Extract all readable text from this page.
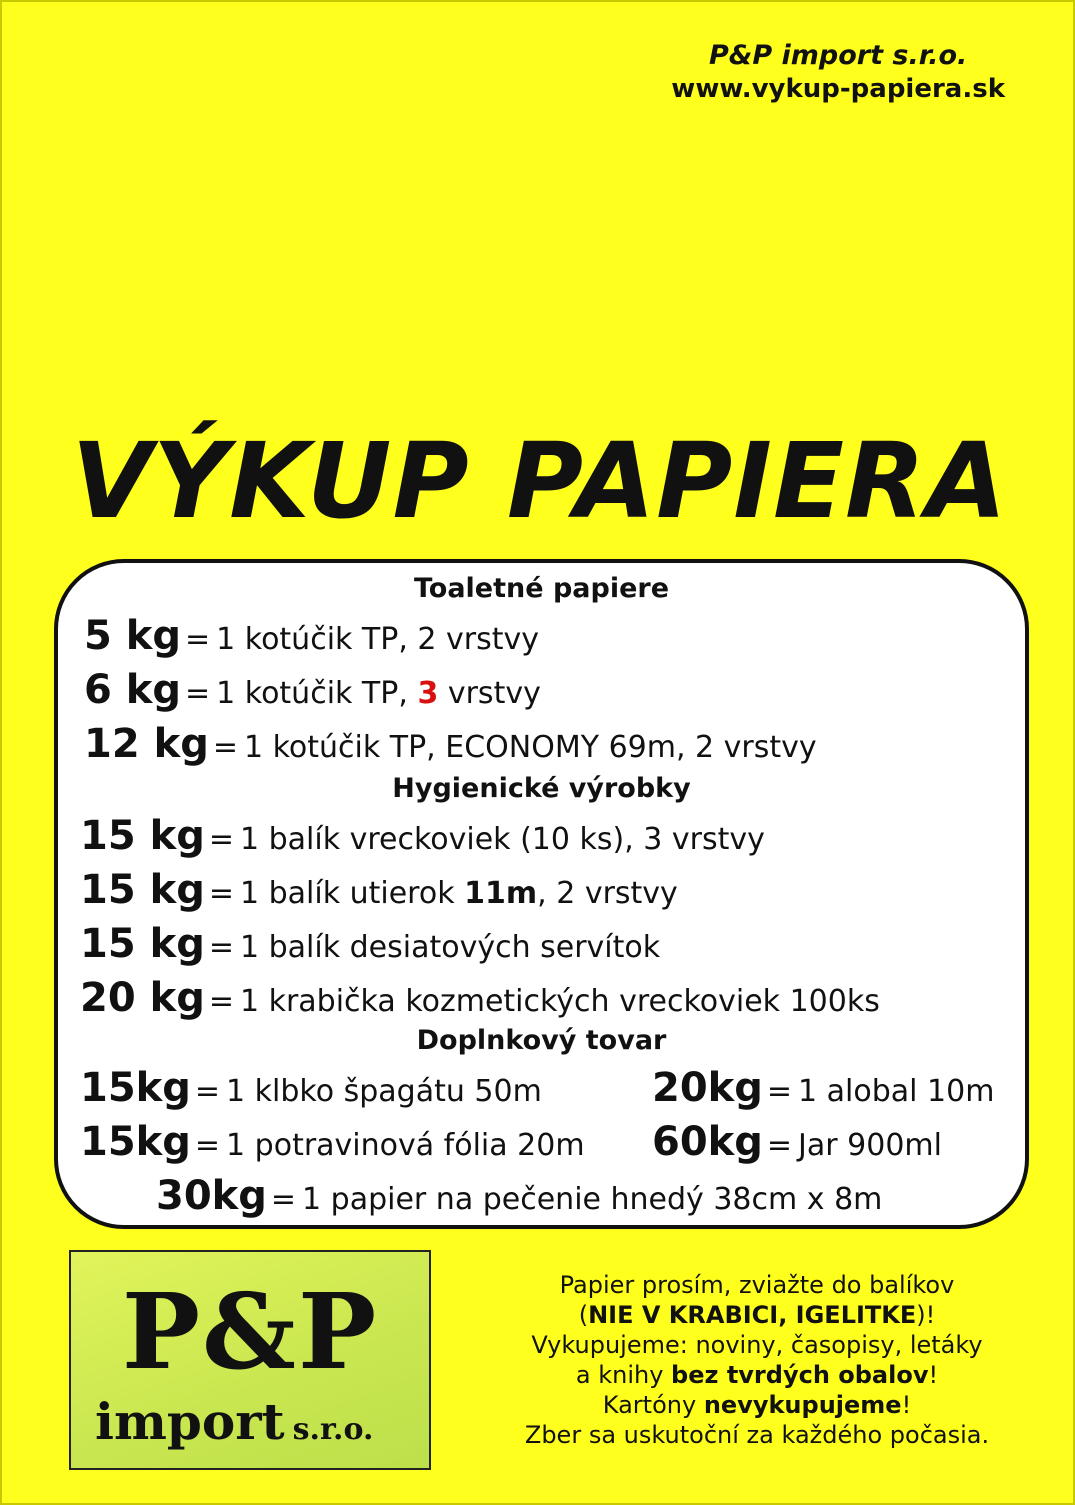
P&P import s.r.o.
www.vykup-papiera.sk
VÝKUP PAPIERA
Toaletné papiere
5 kg = 1 kotúčik TP, 2 vrstvy
6 kg = 1 kotúčik TP, 3 vrstvy
12 kg = 1 kotúčik TP, ECONOMY 69m, 2 vrstvy
Hygienické výrobky
15 kg = 1 balík vreckoviek (10 ks), 3 vrstvy
15 kg = 1 balík utierok 11m, 2 vrstvy
15 kg = 1 balík desiatových servítok
20 kg = 1 krabička kozmetických vreckoviek 100ks
Doplnkový tovar
15kg = 1 klbko špagátu 50m	20kg = 1 alobal 10m
15kg = 1 potravinová fólia 20m 60kg = Jar 900ml
30kg = 1 papier na pečenie hnedý 38cm x 8m
P&P
import s.r.o.

Papier prosím, zviažte do balíkov

(NIE V KRABICI, IGELITKE)!

Vykupujeme: noviny, časopisy, letáky

a knihy bez tvrdých obalov!

Kartóny nevykupujeme!

Zber sa uskutoční za každého počasia.
